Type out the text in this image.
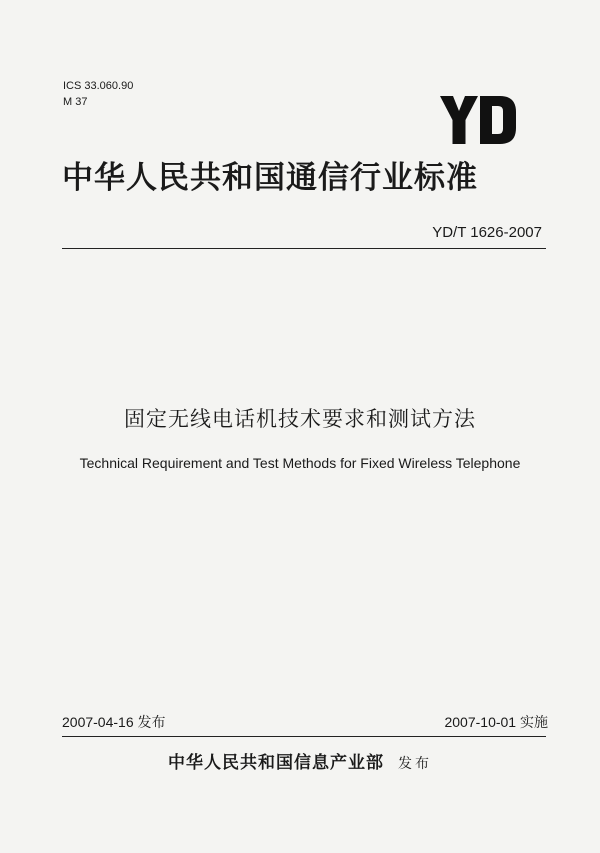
ICS 33.060.90
M 37
中华人民共和国通信行业标准
YD/T 1626-2007
固定无线电话机技术要求和测试方法
Technical Requirement and Test Methods for Fixed Wireless Telephone
2007-04-16 发布	2007-10-01 实施
中华人民共和国信息产业部 发布
